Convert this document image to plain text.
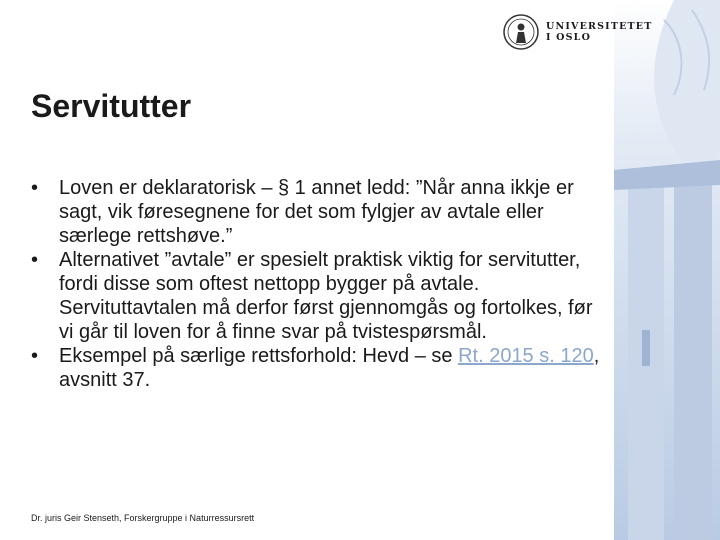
UNIVERSITETET
I OSLO
Servitutter
• Loven er deklaratorisk – § 1 annet ledd: ”Når anna ikkje er sagt, vik føresegnene for det som fylgjer av avtale eller særlege rettshøve.”
• Alternativet ”avtale” er spesielt praktisk viktig for servitutter, fordi disse som oftest nettopp bygger på avtale. Servituttavtalen må derfor først gjennomgås og fortolkes, før vi går til loven for å finne svar på tvistespørsmål.
• Eksempel på særlige rettsforhold: Hevd – se Rt. 2015 s. 120, avsnitt 37.
Dr. juris Geir Stenseth, Forskergruppe i Naturressursrett
